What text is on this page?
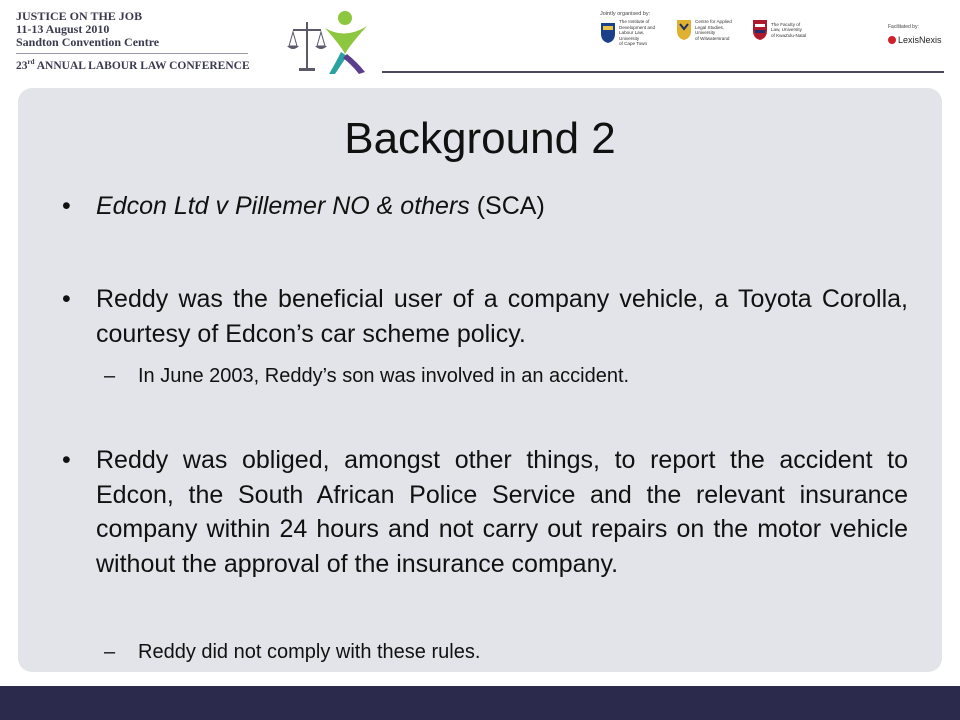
JUSTICE ON THE JOB
11-13 August 2010
Sandton Convention Centre
23rd ANNUAL LABOUR LAW CONFERENCE
Jointly organised by:
The Institute of
Development and
Labour Law,
University
of Cape Town
Centre for Applied
Legal Studies,
University
of Witwatersrand
The Faculty of
Law, University
of KwaZulu-Natal
Facilitated by:
LexisNexis
Background 2
• Edcon Ltd v Pillemer NO & others (SCA)
• Reddy was the beneficial user of a company vehicle, a Toyota Corolla, courtesy of Edcon’s car scheme policy.
– In June 2003, Reddy’s son was involved in an accident.
• Reddy was obliged, amongst other things, to report the accident to Edcon, the South African Police Service and the relevant insurance company within 24 hours and not carry out repairs on the motor vehicle without the approval of the insurance company.
– Reddy did not comply with these rules.
